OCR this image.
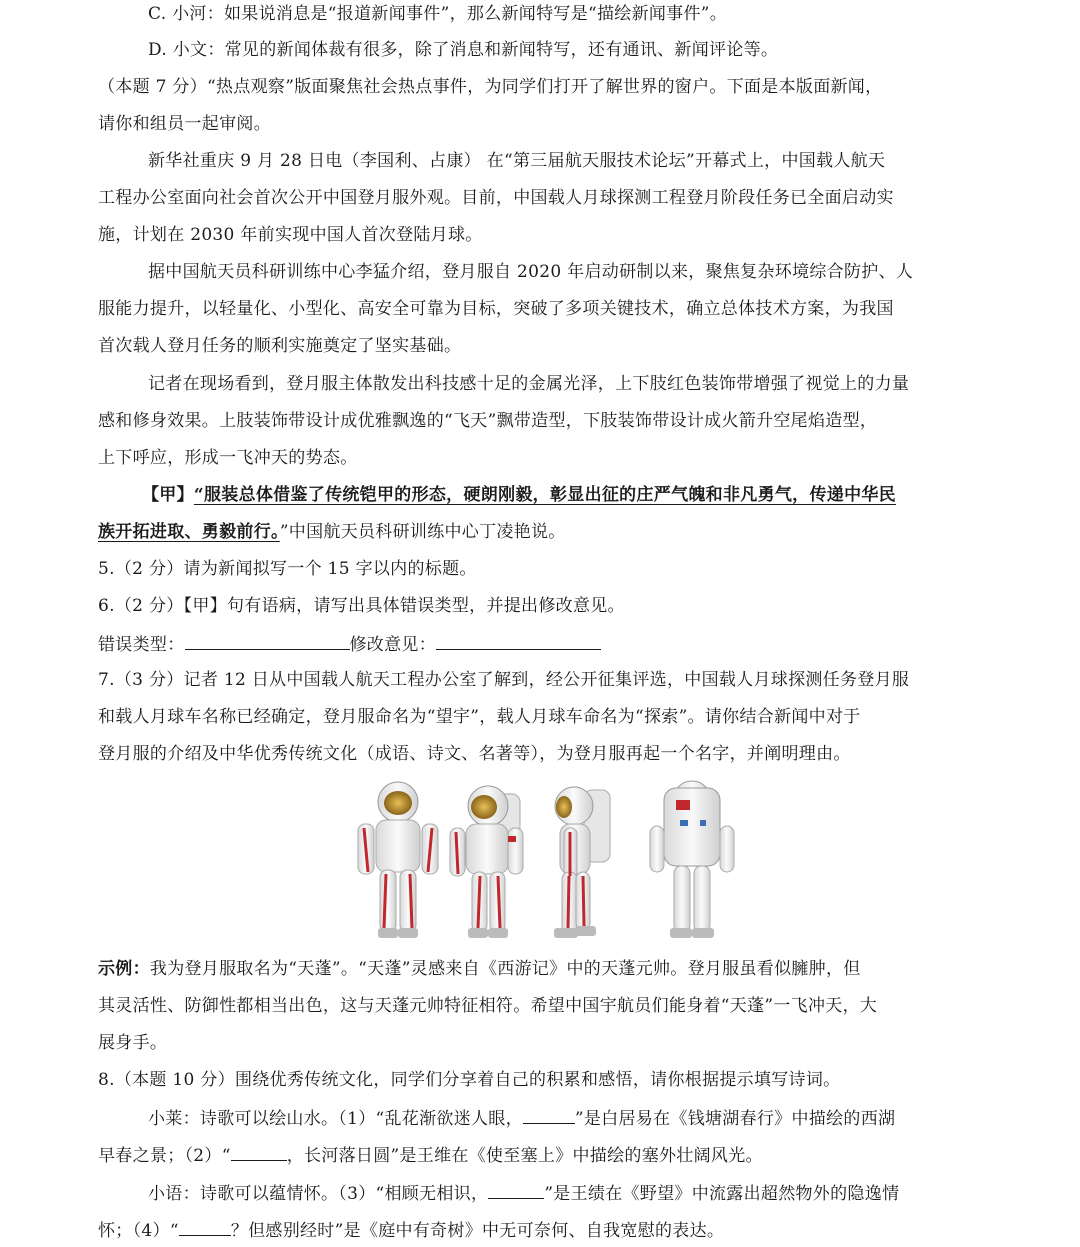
C. 小河：如果说消息是“报道新闻事件”，那么新闻特写是“描绘新闻事件”。
D. 小文：常见的新闻体裁有很多，除了消息和新闻特写，还有通讯、新闻评论等。
（本题 7 分）“热点观察”版面聚焦社会热点事件，为同学们打开了解世界的窗户。下面是本版面新闻，
请你和组员一起审阅。
新华社重庆 9 月 28 日电（李国利、占康） 在“第三届航天服技术论坛”开幕式上，中国载人航天
工程办公室面向社会首次公开中国登月服外观。目前，中国载人月球探测工程登月阶段任务已全面启动实
施，计划在 2030 年前实现中国人首次登陆月球。
据中国航天员科研训练中心李猛介绍，登月服自 2020 年启动研制以来，聚焦复杂环境综合防护、人
服能力提升，以轻量化、小型化、高安全可靠为目标，突破了多项关键技术，确立总体技术方案，为我国
首次载人登月任务的顺利实施奠定了坚实基础。
记者在现场看到，登月服主体散发出科技感十足的金属光泽，上下肢红色装饰带增强了视觉上的力量
感和修身效果。上肢装饰带设计成优雅飘逸的“飞天”飘带造型，下肢装饰带设计成火箭升空尾焰造型，
上下呼应，形成一飞冲天的势态。
【甲】“服装总体借鉴了传统铠甲的形态，硬朗刚毅，彰显出征的庄严气魄和非凡勇气，传递中华民
族开拓进取、勇毅前行。”中国航天员科研训练中心丁凌艳说。
5.（2 分）请为新闻拟写一个 15 字以内的标题。
6.（2 分）【甲】句有语病，请写出具体错误类型，并提出修改意见。
错误类型：	修改意见：
7.（3 分）记者 12 日从中国载人航天工程办公室了解到，经公开征集评选，中国载人月球探测任务登月服
和载人月球车名称已经确定，登月服命名为“望宇”，载人月球车命名为“探索”。请你结合新闻中对于
登月服的介绍及中华优秀传统文化（成语、诗文、名著等），为登月服再起一个名字，并阐明理由。
示例：我为登月服取名为“天蓬”。“天蓬”灵感来自《西游记》中的天蓬元帅。登月服虽看似臃肿，但
其灵活性、防御性都相当出色，这与天蓬元帅特征相符。希望中国宇航员们能身着“天蓬”一飞冲天，大
展身手。
8.（本题 10 分）围绕优秀传统文化，同学们分享着自己的积累和感悟，请你根据提示填写诗词。
小莱：诗歌可以绘山水。（1）“乱花渐欲迷人眼，	”是白居易在《钱塘湖春行》中描绘的西湖
早春之景；（2）“	，长河落日圆”是王维在《使至塞上》中描绘的塞外壮阔风光。
小语：诗歌可以蕴情怀。（3）“相顾无相识，	”是王绩在《野望》中流露出超然物外的隐逸情
怀；（4）“	？但感别经时”是《庭中有奇树》中无可奈何、自我宽慰的表达。
